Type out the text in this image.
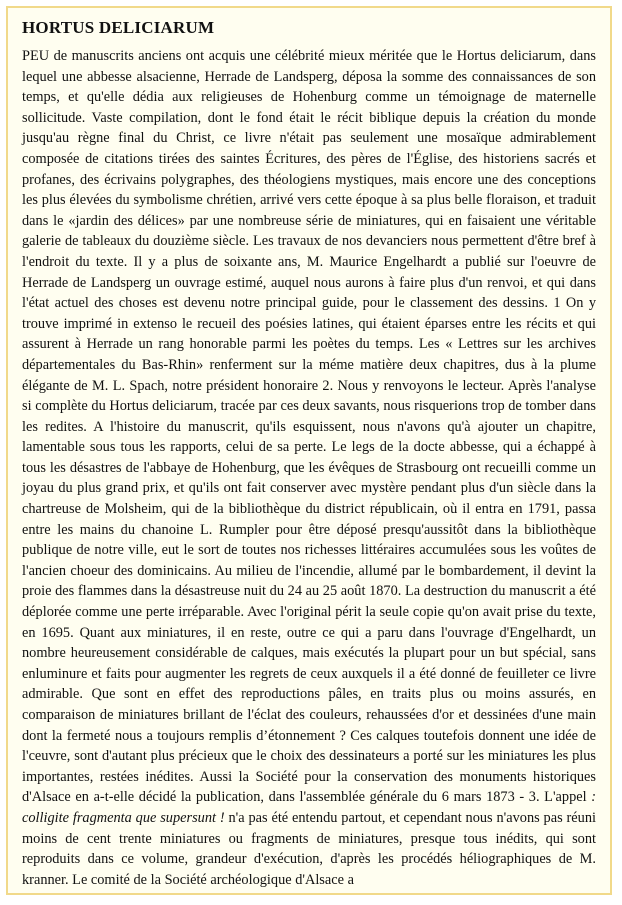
HORTUS DELICIARUM

PEU de manuscrits anciens ont acquis une célébrité mieux méritée que le Hortus deliciarum, dans lequel une abbesse alsacienne, Herrade de Landsperg, déposa la somme des connaissances de son temps, et qu'elle dédia aux religieuses de Hohenburg comme un témoignage de maternelle sollicitude. Vaste compilation, dont le fond était le récit biblique depuis la création du monde jusqu'au règne final du Christ, ce livre n'était pas seulement une mosaïque admirablement composée de citations tirées des saintes Écritures, des pères de l'Église, des historiens sacrés et profanes, des écrivains polygraphes, des théologiens mystiques, mais encore une des conceptions les plus élevées du symbolisme chrétien, arrivé vers cette époque à sa plus belle floraison, et traduit dans le «jardin des délices» par une nombreuse série de miniatures, qui en faisaient une véritable galerie de tableaux du douzième siècle. Les travaux de nos devanciers nous permettent d'être bref à l'endroit du texte. Il y a plus de soixante ans, M. Maurice Engelhardt a publié sur l'oeuvre de Herrade de Landsperg un ouvrage estimé, auquel nous aurons à faire plus d'un renvoi, et qui dans l'état actuel des choses est devenu notre principal guide, pour le classement des dessins. 1 On y trouve imprimé in extenso le recueil des poésies latines, qui étaient éparses entre les récits et qui assurent à Herrade un rang honorable parmi les poètes du temps. Les « Lettres sur les archives départementales du Bas-Rhin» renferment sur la méme matière deux chapitres, dus à la plume élégante de M. L. Spach, notre président honoraire 2. Nous y renvoyons le lecteur. Après l'analyse si complète du Hortus deliciarum, tracée par ces deux savants, nous risquerions trop de tomber dans les redites. A l'histoire du manuscrit, qu'ils esquissent, nous n'avons qu'à ajouter un chapitre, lamentable sous tous les rapports, celui de sa perte. Le legs de la docte abbesse, qui a échappé à tous les désastres de l'abbaye de Hohenburg, que les évêques de Strasbourg ont recueilli comme un joyau du plus grand prix, et qu'ils ont fait conserver avec mystère pendant plus d'un siècle dans la chartreuse de Molsheim, qui de la bibliothèque du district républicain, où il entra en 1791, passa entre les mains du chanoine L. Rumpler pour être déposé presqu'aussitôt dans la bibliothèque publique de notre ville, eut le sort de toutes nos richesses littéraires accumulées sous les voûtes de l'ancien choeur des dominicains. Au milieu de l'incendie, allumé par le bombardement, il devint la proie des flammes dans la désastreuse nuit du 24 au 25 août 1870. La destruction du manuscrit a été déplorée comme une perte irréparable. Avec l'original périt la seule copie qu'on avait prise du texte, en 1695. Quant aux miniatures, il en reste, outre ce qui a paru dans l'ouvrage d'Engelhardt, un nombre heureusement considérable de calques, mais exécutés la plupart pour un but spécial, sans enluminure et faits pour augmenter les regrets de ceux auxquels il a été donné de feuilleter ce livre admirable. Que sont en effet des reproductions pâles, en traits plus ou moins assurés, en comparaison de miniatures brillant de l'éclat des couleurs, rehaussées d'or et dessinées d'une main dont la fermeté nous a toujours remplis d’étonnement ? Ces calques toutefois donnent une idée de l'ceuvre, sont d'autant plus précieux que le choix des dessinateurs a porté sur les miniatures les plus importantes, restées inédites. Aussi la Société pour la conservation des monuments historiques d'Alsace en a-t-elle décidé la publication, dans l'assemblée générale du 6 mars 1873 - 3. L'appel : colligite fragmenta que supersunt ! n'a pas été entendu partout, et cependant nous n'avons pas réuni moins de cent trente miniatures ou fragments de miniatures, presque tous inédits, qui sont reproduits dans ce volume, grandeur d'exécution, d'après les procédés héliographiques de M. kranner. Le comité de la Société archéologique d'Alsace a
